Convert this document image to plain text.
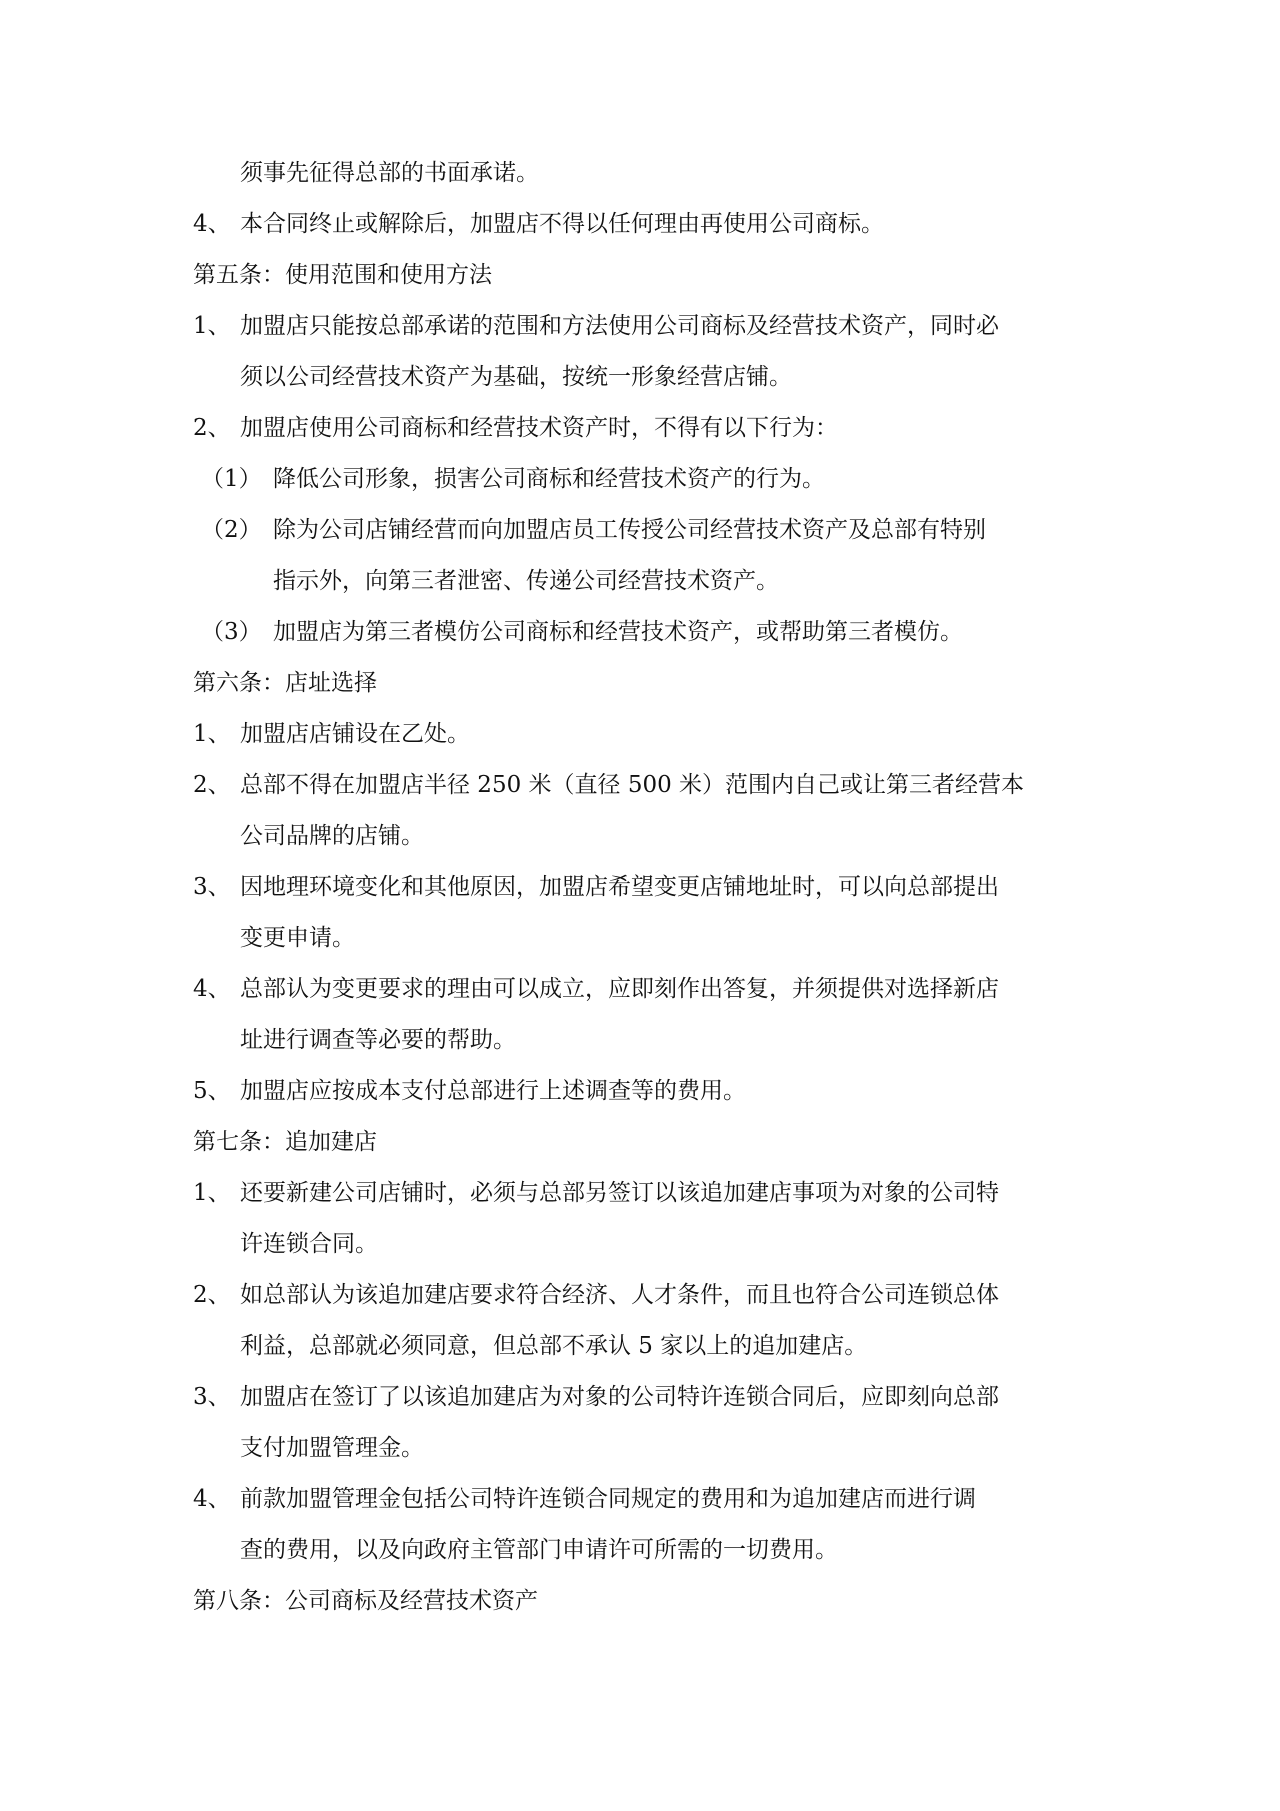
须事先征得总部的书面承诺。
4、 本合同终止或解除后，加盟店不得以任何理由再使用公司商标。
第五条：使用范围和使用方法
1、 加盟店只能按总部承诺的范围和方法使用公司商标及经营技术资产，同时必
须以公司经营技术资产为基础，按统一形象经营店铺。
2、 加盟店使用公司商标和经营技术资产时，不得有以下行为：
（1） 降低公司形象，损害公司商标和经营技术资产的行为。
（2） 除为公司店铺经营而向加盟店员工传授公司经营技术资产及总部有特别
指示外，向第三者泄密、传递公司经营技术资产。
（3） 加盟店为第三者模仿公司商标和经营技术资产，或帮助第三者模仿。
第六条：店址选择
1、 加盟店店铺设在乙处。
2、 总部不得在加盟店半径 250 米（直径 500 米）范围内自己或让第三者经营本
公司品牌的店铺。
3、 因地理环境变化和其他原因，加盟店希望变更店铺地址时，可以向总部提出
变更申请。
4、 总部认为变更要求的理由可以成立，应即刻作出答复，并须提供对选择新店
址进行调查等必要的帮助。
5、 加盟店应按成本支付总部进行上述调查等的费用。
第七条：追加建店
1、 还要新建公司店铺时，必须与总部另签订以该追加建店事项为对象的公司特
许连锁合同。
2、 如总部认为该追加建店要求符合经济、人才条件，而且也符合公司连锁总体
利益，总部就必须同意，但总部不承认 5 家以上的追加建店。
3、 加盟店在签订了以该追加建店为对象的公司特许连锁合同后，应即刻向总部
支付加盟管理金。
4、 前款加盟管理金包括公司特许连锁合同规定的费用和为追加建店而进行调
查的费用，以及向政府主管部门申请许可所需的一切费用。
第八条：公司商标及经营技术资产
